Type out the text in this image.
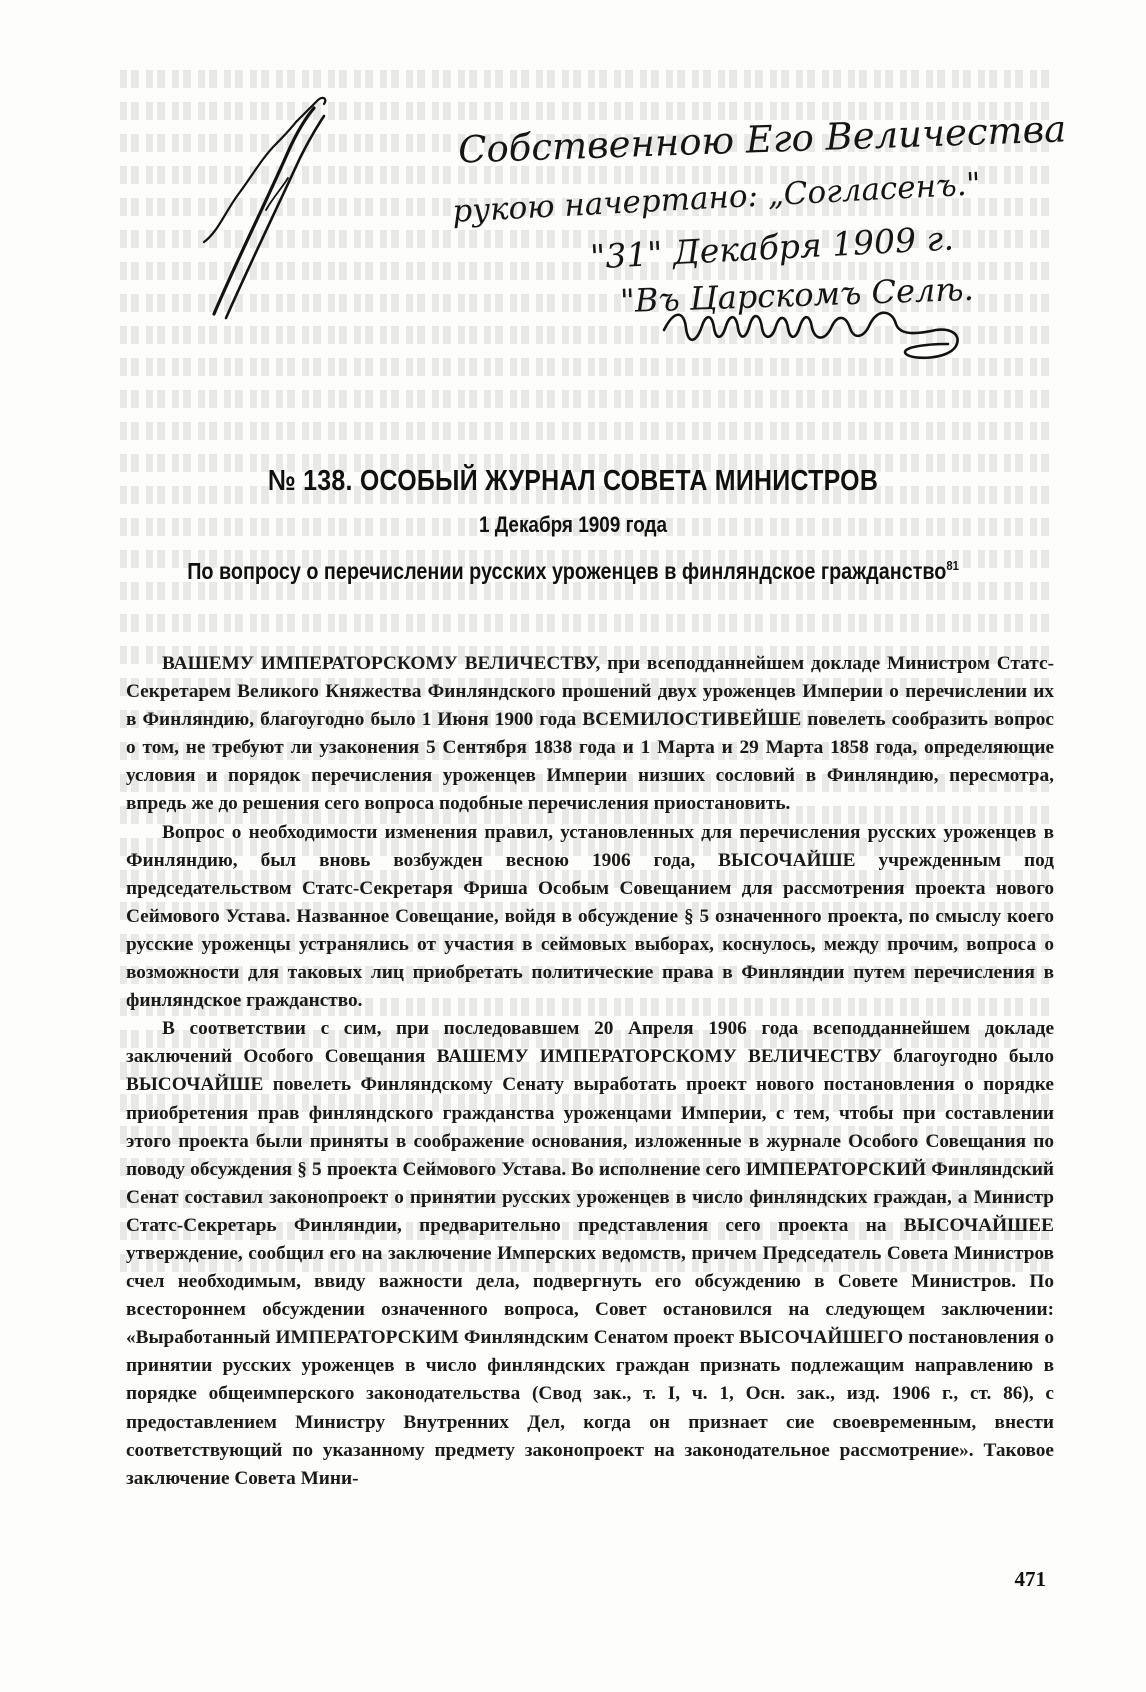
Собственною Его Величества
рукою начертано: „Согласенъ."
"31" Декабря 1909 г.
"Въ Царскомъ Селѣ.
№ 138. ОСОБЫЙ ЖУРНАЛ СОВЕТА МИНИСТРОВ
1 Декабря 1909 года
По вопросу о перечислении русских уроженцев в финляндское гражданство$^{81}$

ВАШЕМУ ИМПЕРАТОРСКОМУ ВЕЛИЧЕСТВУ, при всеподданнейшем докладе Министром Статс-Секретарем Великого Княжества Финляндского прошений двух уроженцев Империи о перечислении их в Финляндию, благоугодно было 1 Июня 1900 года ВСЕМИЛОСТИВЕЙШЕ повелеть сообразить вопрос о том, не требуют ли узаконения 5 Сентября 1838 года и 1 Марта и 29 Марта 1858 года, определяющие условия и порядок перечисления уроженцев Империи низших сословий в Финляндию, пересмотра, впредь же до решения сего вопроса подобные перечисления приостановить.

Вопрос о необходимости изменения правил, установленных для перечисления русских уроженцев в Финляндию, был вновь возбужден весною 1906 года, ВЫСОЧАЙШЕ учрежденным под председательством Статс-Секретаря Фриша Особым Совещанием для рассмотрения проекта нового Сеймового Устава. Названное Совещание, войдя в обсуждение § 5 означенного проекта, по смыслу коего русские уроженцы устранялись от участия в сеймовых выборах, коснулось, между прочим, вопроса о возможности для таковых лиц приобретать политические права в Финляндии путем перечисления в финляндское гражданство.

В соответствии с сим, при последовавшем 20 Апреля 1906 года всеподданнейшем докладе заключений Особого Совещания ВАШЕМУ ИМПЕРАТОРСКОМУ ВЕЛИЧЕСТВУ благоугодно было ВЫСОЧАЙШЕ повелеть Финляндскому Сенату выработать проект нового постановления о порядке приобретения прав финляндского гражданства уроженцами Империи, с тем, чтобы при составлении этого проекта были приняты в соображение основания, изложенные в журнале Особого Совещания по поводу обсуждения § 5 проекта Сеймового Устава. Во исполнение сего ИМПЕРАТОРСКИЙ Финляндский Сенат составил законопроект о принятии русских уроженцев в число финляндских граждан, а Министр Статс-Секретарь Финляндии, предварительно представления сего проекта на ВЫСОЧАЙШЕЕ утверждение, сообщил его на заключение Имперских ведомств, причем Председатель Совета Министров счел необходимым, ввиду важности дела, подвергнуть его обсуждению в Совете Министров. По всестороннем обсуждении означенного вопроса, Совет остановился на следующем заключении: «Выработанный ИМПЕРАТОРСКИМ Финляндским Сенатом проект ВЫСОЧАЙШЕГО постановления о принятии русских уроженцев в число финляндских граждан признать подлежащим направлению в порядке общеимперского законодательства (Свод зак., т. I, ч. 1, Осн. зак., изд. 1906 г., ст. 86), с предоставлением Министру Внутренних Дел, когда он признает сие своевременным, внести соответствующий по указанному предмету законопроект на законодательное рассмотрение». Таковое заключение Совета Мини-

471
